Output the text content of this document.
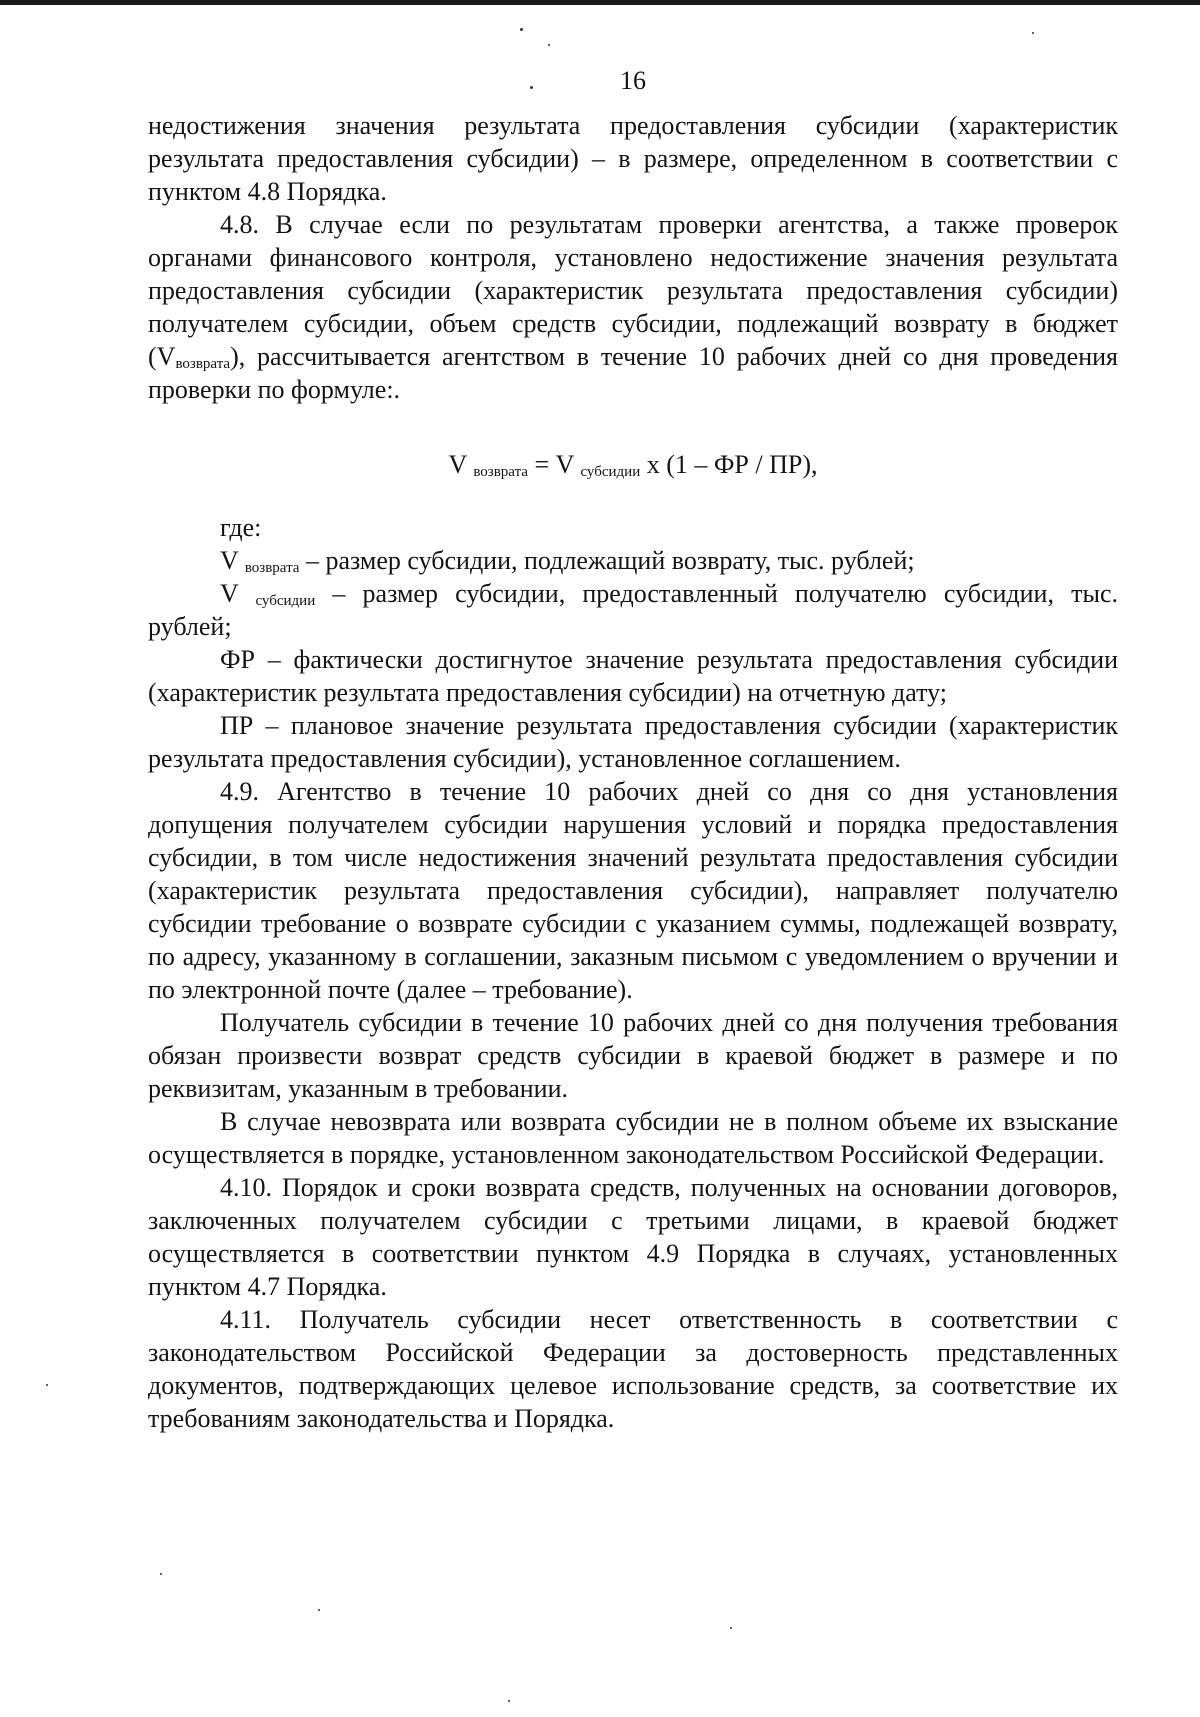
16

недостижения значения результата предоставления субсидии (характеристик результата предоставления субсидии) – в размере, определенном в соответствии с пунктом 4.8 Порядка.

4.8. В случае если по результатам проверки агентства, а также проверок органами финансового контроля, установлено недостижение значения результата предоставления субсидии (характеристик результата предоставления субсидии) получателем субсидии, объем средств субсидии, подлежащий возврату в бюджет $(V_{возврата})$, рассчитывается агентством в течение 10 рабочих дней со дня проведения проверки по формуле:.

V $_{возврата}$ = V $_{субсидии}$ x (1 – ФР / ПР),

где:

V $_{возврата}$ – размер субсидии, подлежащий возврату, тыс. рублей;

V $_{субсидии}$ – размер субсидии, предоставленный получателю субсидии, тыс. рублей;

ФР – фактически достигнутое значение результата предоставления субсидии (характеристик результата предоставления субсидии) на отчетную дату;

ПР – плановое значение результата предоставления субсидии (характеристик результата предоставления субсидии), установленное соглашением.

4.9. Агентство в течение 10 рабочих дней со дня со дня установления допущения получателем субсидии нарушения условий и порядка предоставления субсидии, в том числе недостижения значений результата предоставления субсидии (характеристик результата предоставления субсидии), направляет получателю субсидии требование о возврате субсидии с указанием суммы, подлежащей возврату, по адресу, указанному в соглашении, заказным письмом с уведомлением о вручении и по электронной почте (далее – требование).

Получатель субсидии в течение 10 рабочих дней со дня получения требования обязан произвести возврат средств субсидии в краевой бюджет в размере и по реквизитам, указанным в требовании.

В случае невозврата или возврата субсидии не в полном объеме их взыскание осуществляется в порядке, установленном законодательством Российской Федерации.

4.10. Порядок и сроки возврата средств, полученных на основании договоров, заключенных получателем субсидии с третьими лицами, в краевой бюджет осуществляется в соответствии пунктом 4.9 Порядка в случаях, установленных пунктом 4.7 Порядка.

4.11. Получатель субсидии несет ответственность в соответствии с законодательством Российской Федерации за достоверность представленных документов, подтверждающих целевое использование средств, за соответствие их требованиям законодательства и Порядка.
